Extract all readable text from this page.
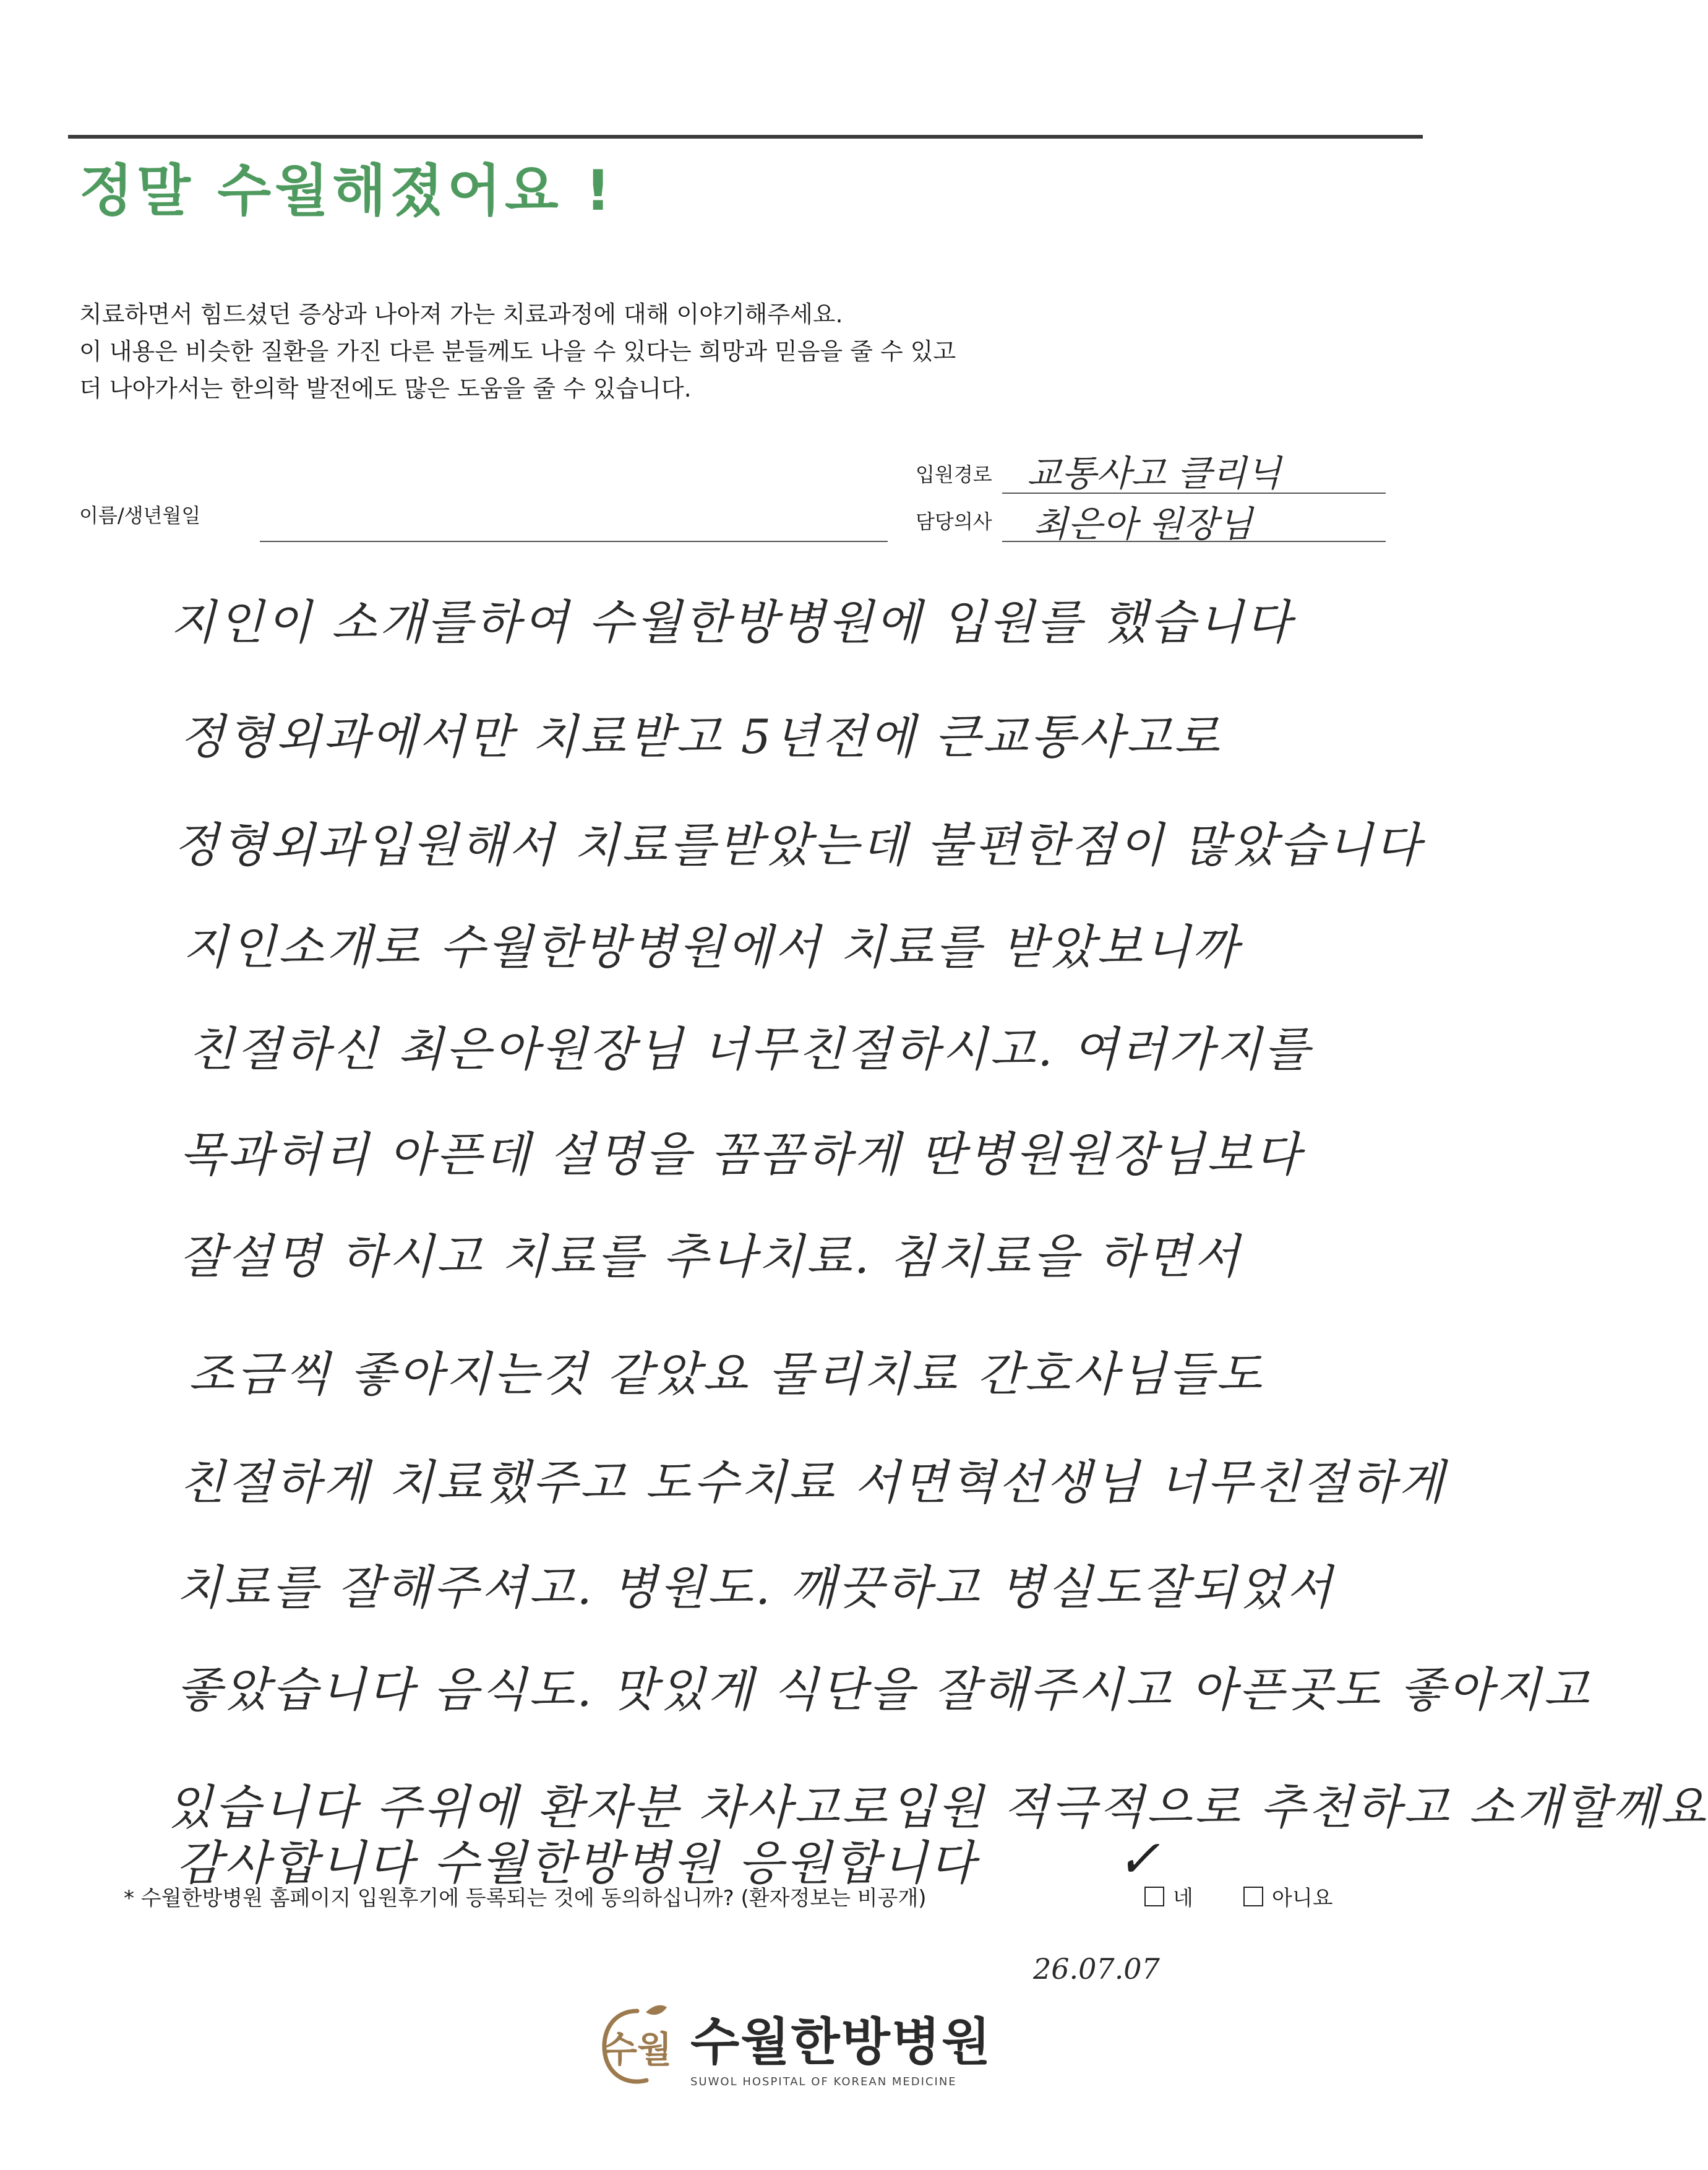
정말 수월해졌어요 !
치료하면서 힘드셨던 증상과 나아져 가는 치료과정에 대해 이야기해주세요.
이 내용은 비슷한 질환을 가진 다른 분들께도 나을 수 있다는 희망과 믿음을 줄 수 있고
더 나아가서는 한의학 발전에도 많은 도움을 줄 수 있습니다.
이름/생년월일
입원경로 교통사고 클리닉
담당의사 최은아 원장님
지인이 소개를하여 수월한방병원에 입원를 했습니다
정형외과에서만 치료받고 5년전에 큰교통사고로
정형외과입원해서 치료를받았는데 불편한점이 많았습니다
지인소개로 수월한방병원에서 치료를 받았보니까
친절하신 최은아원장님 너무친절하시고. 여러가지를
목과허리 아픈데 설명을 꼼꼼하게 딴병원원장님보다
잘설명 하시고 치료를 추나치료. 침치료을 하면서
조금씩 좋아지는것 같았요 물리치료 간호사님들도
친절하게 치료했주고 도수치료 서면혁선생님 너무친절하게
치료를 잘해주셔고. 병원도. 깨끗하고 병실도잘되었서
좋았습니다 음식도. 맛있게 식단을 잘해주시고 아픈곳도 좋아지고
있습니다 주위에 환자분 차사고로입원 적극적으로 추천하고 소개할께요
감사합니다 수월한방병원 응원합니다
* 수월한방병원 홈페이지 입원후기에 등록되는 것에 동의하십니까? (환자정보는 비공개)
✓
네	아니요
26.07.07
수월 수월한방병원
SUWOL HOSPITAL OF KOREAN MEDICINE
